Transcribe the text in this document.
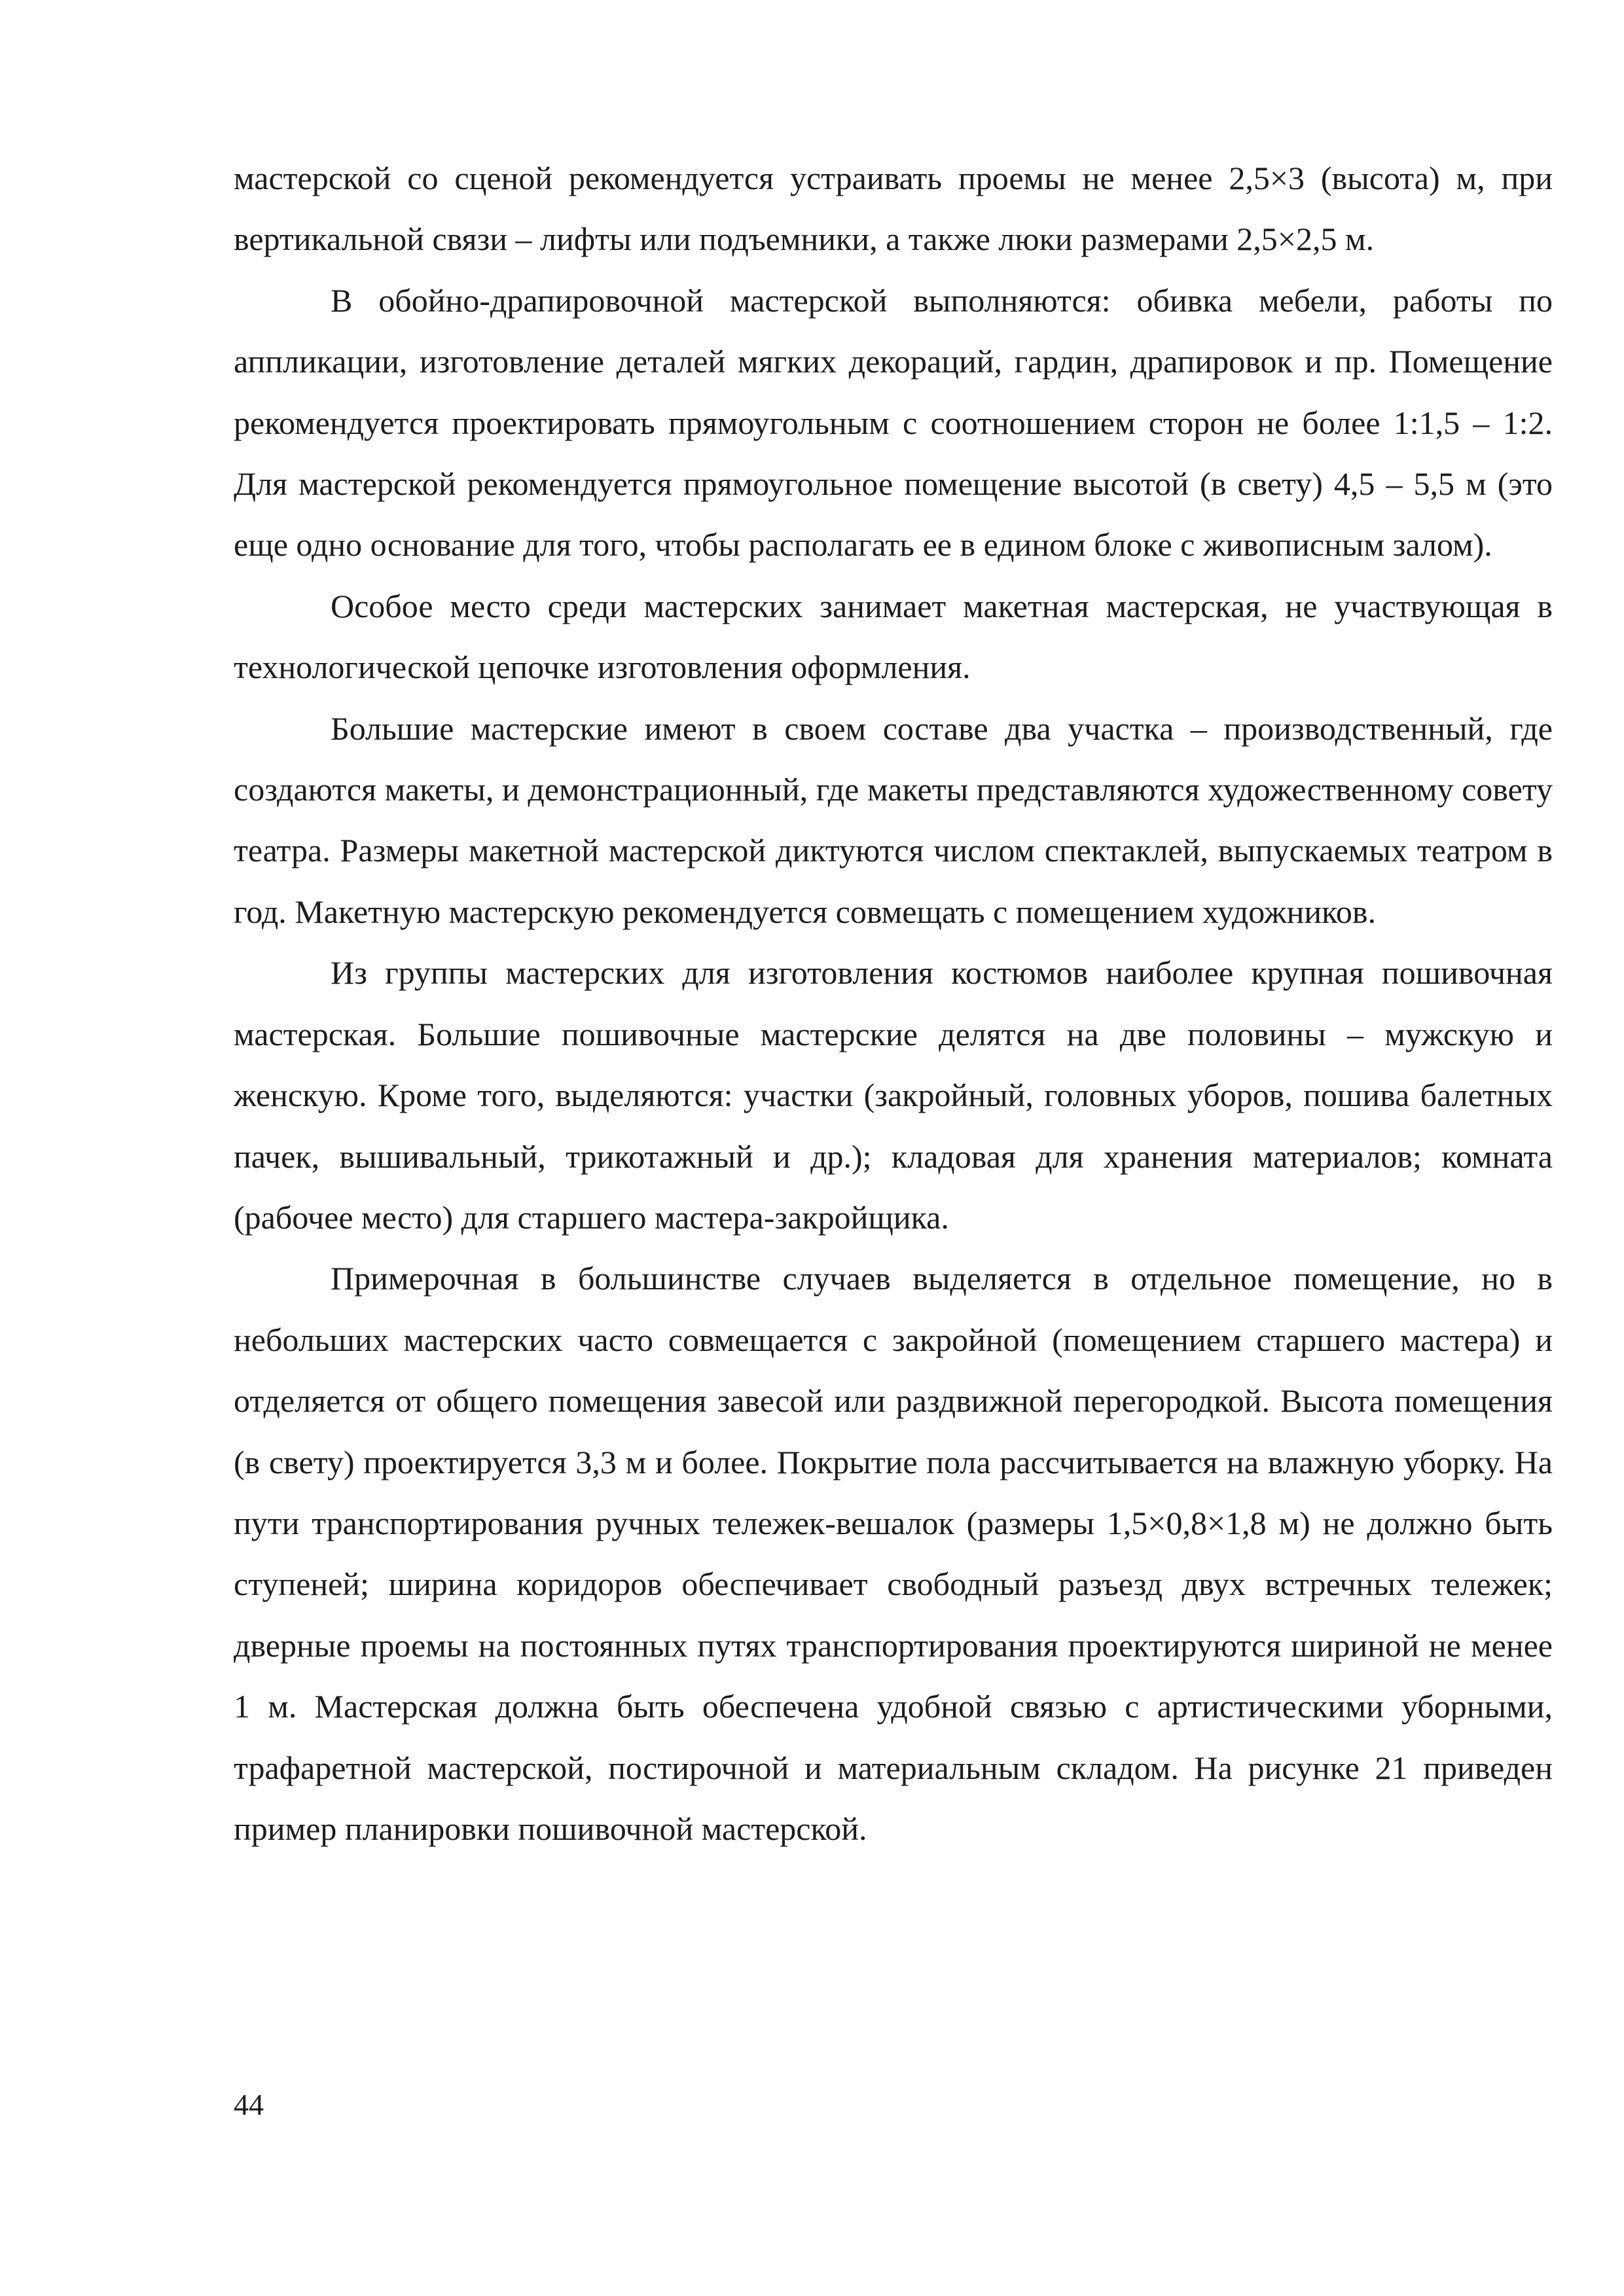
мастерской со сценой рекомендуется устраивать проемы не менее 2,5×3 (высота) м, при вертикальной связи – лифты или подъемники, а также люки размерами 2,5×2,5 м.

В обойно-драпировочной мастерской выполняются: обивка мебели, работы по аппликации, изготовление деталей мягких декораций, гардин, драпировок и пр. Помещение рекомендуется проектировать прямоугольным с соотношением сторон не более 1:1,5 – 1:2. Для мастерской рекомендуется прямоугольное помещение высотой (в свету) 4,5 – 5,5 м (это еще одно основание для того, чтобы располагать ее в едином блоке с живописным залом).

Особое место среди мастерских занимает макетная мастерская, не участвующая в технологической цепочке изготовления оформления.

Большие мастерские имеют в своем составе два участка – производственный, где создаются макеты, и демонстрационный, где макеты представляются художественному совету театра. Размеры макетной мастерской диктуются числом спектаклей, выпускаемых театром в год. Макетную мастерскую рекомендуется совмещать с помещением художников.

Из группы мастерских для изготовления костюмов наиболее крупная пошивочная мастерская. Большие пошивочные мастерские делятся на две половины – мужскую и женскую. Кроме того, выделяются: участки (закройный, головных уборов, пошива балетных пачек, вышивальный, трикотажный и др.); кладовая для хранения материалов; комната (рабочее место) для старшего мастера-закройщика.

Примерочная в большинстве случаев выделяется в отдельное помещение, но в небольших мастерских часто совмещается с закройной (помещением старшего мастера) и отделяется от общего помещения завесой или раздвижной перегородкой. Высота помещения (в свету) проектируется 3,3 м и более. Покрытие пола рассчитывается на влажную уборку. На пути транспортирования ручных тележек-вешалок (размеры 1,5×0,8×1,8 м) не должно быть ступеней; ширина коридоров обеспечивает свободный разъезд двух встречных тележек; дверные проемы на постоянных путях транспортирования проектируются шириной не менее 1 м. Мастерская должна быть обеспечена удобной связью с артистическими уборными, трафаретной мастерской, постирочной и материальным складом. На рисунке 21 приведен пример планировки пошивочной мастерской.

44
